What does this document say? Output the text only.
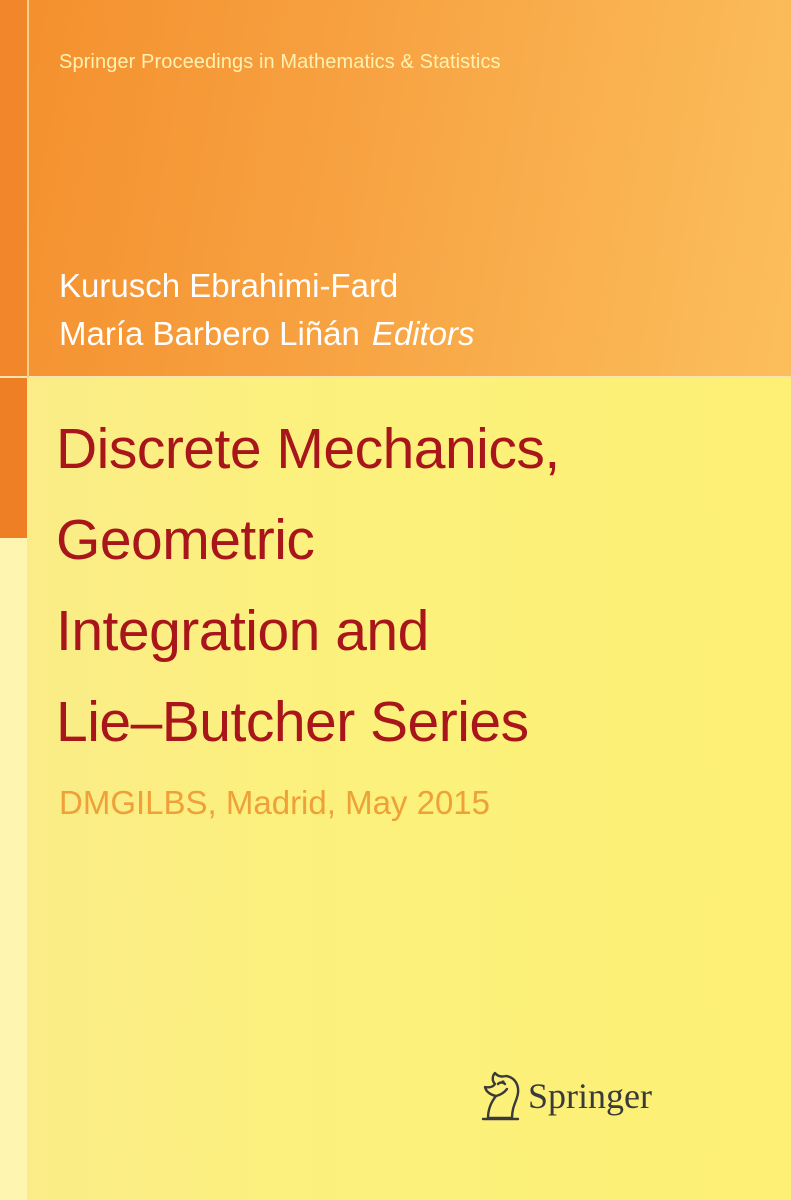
Springer Proceedings in Mathematics & Statistics
Kurusch Ebrahimi-Fard
María Barbero Liñán Editors
Discrete Mechanics,
Geometric
Integration and
Lie–Butcher Series
DMGILBS, Madrid, May 2015
Springer
